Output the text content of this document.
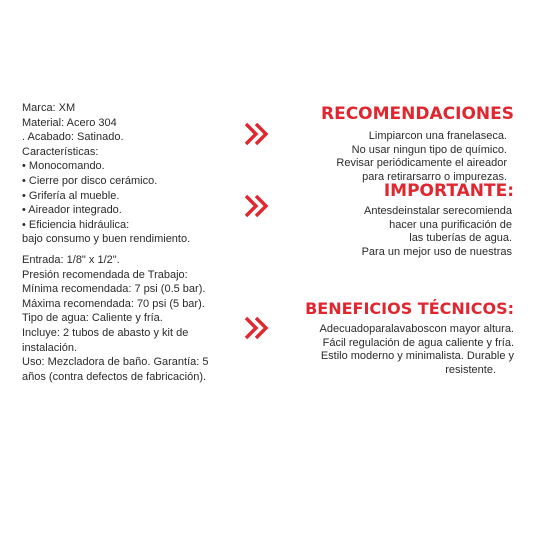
Marca: XM
Material: Acero 304
. Acabado: Satinado.
Características:
• Monocomando.
• Cierre por disco cerámico.
• Grifería al mueble.
• Aireador integrado.
• Eficiencia hidráulica:
bajo consumo y buen rendimiento.
Entrada: 1/8" x 1/2".
Presión recomendada de Trabajo:
Mínima recomendada: 7 psi (0.5 bar).
Máxima recomendada: 70 psi (5 bar).
Tipo de agua: Caliente y fría.
Incluye: 2 tubos de abasto y kit de
instalación.
Uso: Mezcladora de baño. Garantía: 5
años (contra defectos de fabricación).
RECOMENDACIONES
Limpiarcon una franelaseca.
No usar ningun tipo de químico.
Revisar periódicamente el aireador
para retirarsarro o impurezas.
IMPORTANTE:
Antesdeinstalar serecomienda
hacer una purificación de
las tuberías de agua.
Para un mejor uso de nuestras
BENEFICIOS TÉCNICOS:
Adecuadoparalavaboscon mayor altura.
Fácil regulación de agua caliente y fría.
Estilo moderno y minimalista. Durable y
resistente.
